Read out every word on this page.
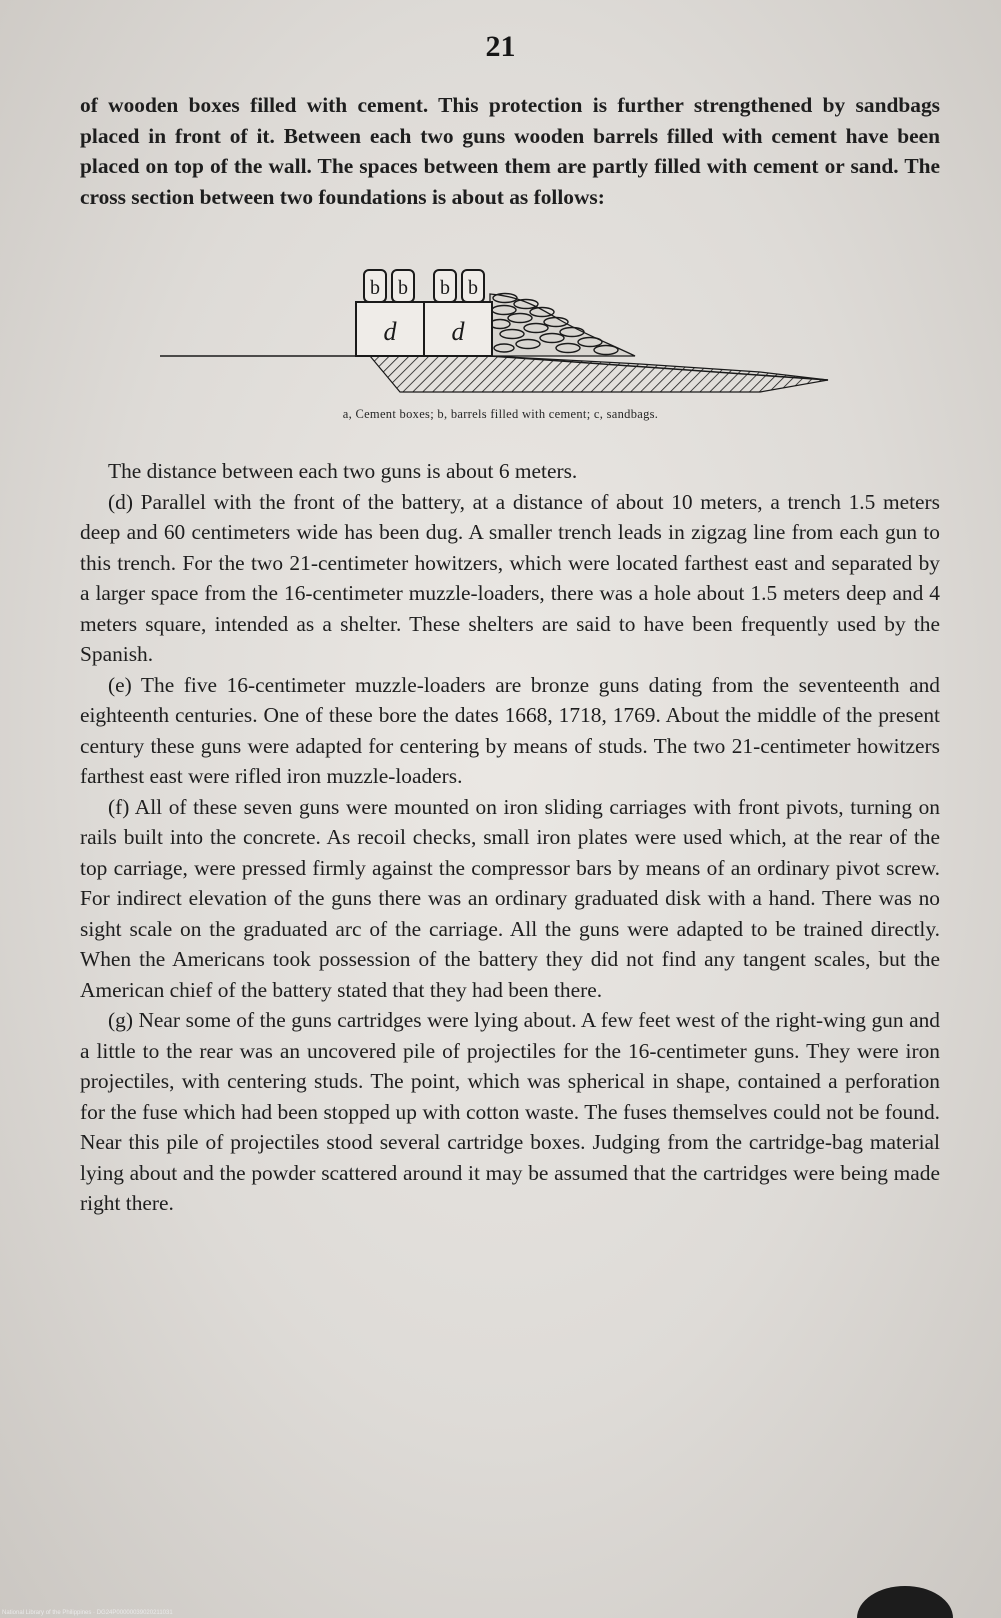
21

of wooden boxes filled with cement. This protection is further strengthened by sandbags placed in front of it. Between each two guns wooden barrels filled with cement have been placed on top of the wall. The spaces between them are partly filled with cement or sand. The cross section between two foundations is about as follows:

d d
b b b b
a, Cement boxes; b, barrels filled with cement; c, sandbags.

The distance between each two guns is about 6 meters.

(d) Parallel with the front of the battery, at a distance of about 10 meters, a trench 1.5 meters deep and 60 centimeters wide has been dug. A smaller trench leads in zigzag line from each gun to this trench. For the two 21-centimeter howitzers, which were located farthest east and separated by a larger space from the 16-centimeter muzzle-loaders, there was a hole about 1.5 meters deep and 4 meters square, intended as a shelter. These shelters are said to have been frequently used by the Spanish.

(e) The five 16-centimeter muzzle-loaders are bronze guns dating from the seventeenth and eighteenth centuries. One of these bore the dates 1668, 1718, 1769. About the middle of the present century these guns were adapted for centering by means of studs. The two 21-centimeter howitzers farthest east were rifled iron muzzle-loaders.

(f) All of these seven guns were mounted on iron sliding carriages with front pivots, turning on rails built into the concrete. As recoil checks, small iron plates were used which, at the rear of the top carriage, were pressed firmly against the compressor bars by means of an ordinary pivot screw. For indirect elevation of the guns there was an ordinary graduated disk with a hand. There was no sight scale on the graduated arc of the carriage. All the guns were adapted to be trained directly. When the Americans took possession of the battery they did not find any tangent scales, but the American chief of the battery stated that they had been there.

(g) Near some of the guns cartridges were lying about. A few feet west of the right-wing gun and a little to the rear was an uncovered pile of projectiles for the 16-centimeter guns. They were iron projectiles, with centering studs. The point, which was spherical in shape, contained a perforation for the fuse which had been stopped up with cotton waste. The fuses themselves could not be found. Near this pile of projectiles stood several cartridge boxes. Judging from the cartridge-bag material lying about and the powder scattered around it may be assumed that the cartridges were being made right there.

National Library of the Philippines · DG24P00000039020211031
